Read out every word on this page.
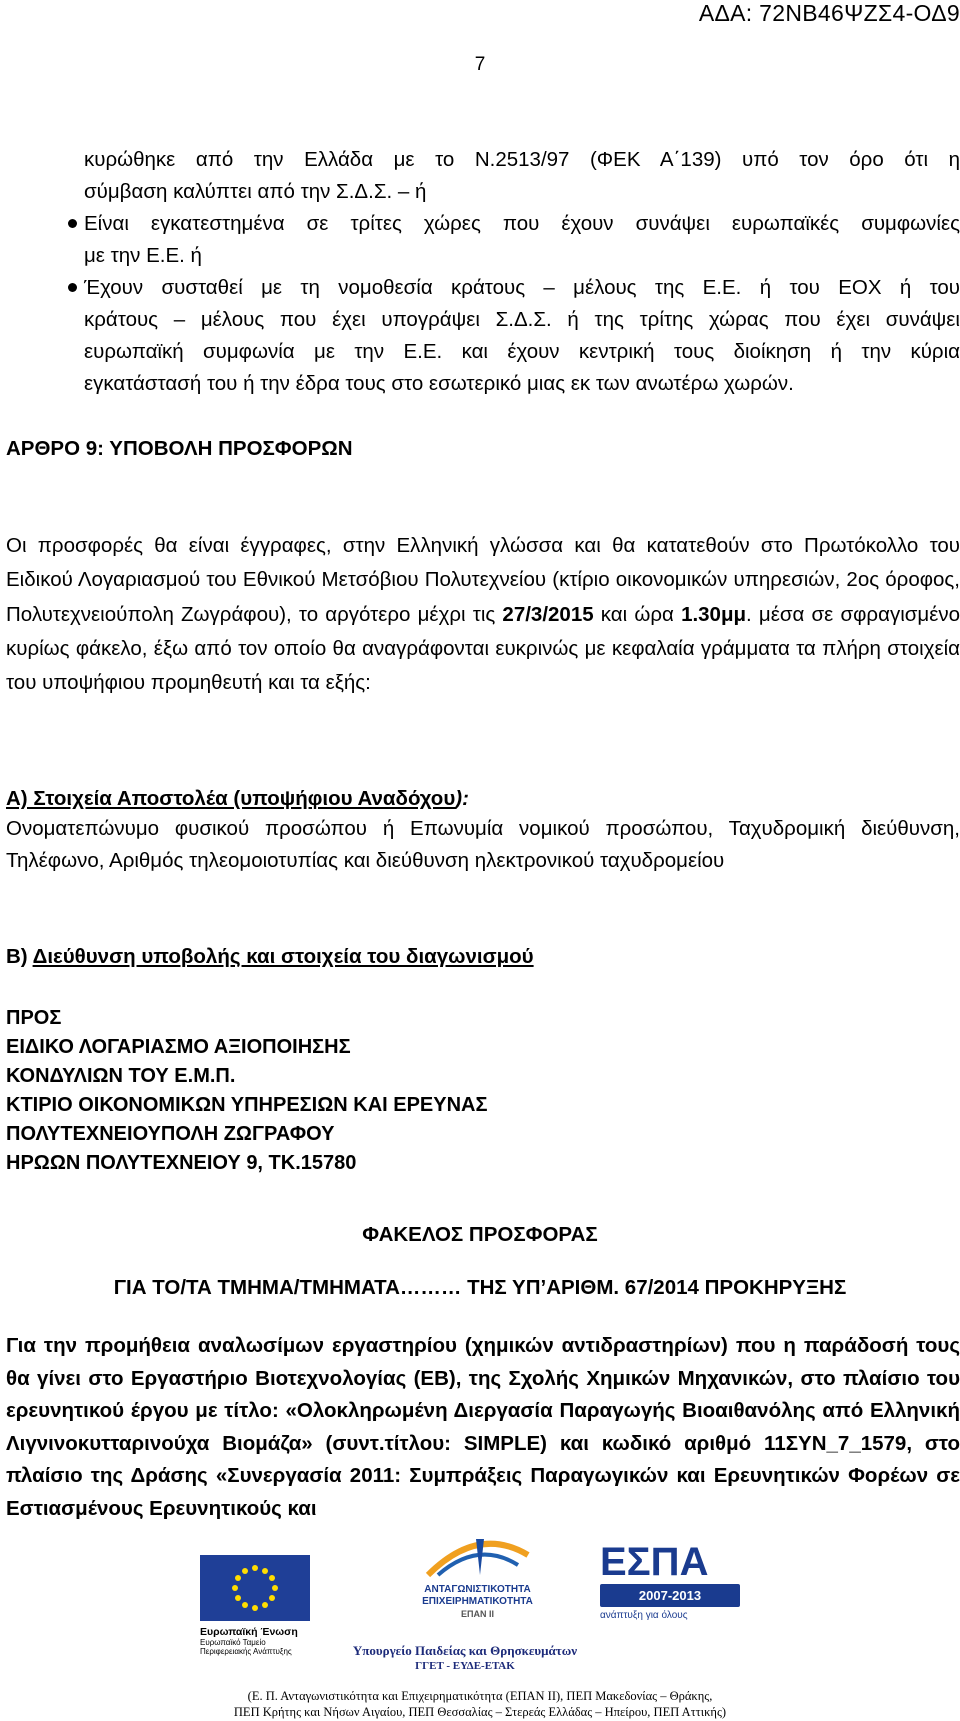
ΑΔΑ: 72ΝΒ46ΨΖΣ4-ΟΔ9
7
κυρώθηκε από την Ελλάδα με το Ν.2513/97 (ΦΕΚ Α΄139) υπό τον όρο ότι η
σύμβαση καλύπτει από την Σ.Δ.Σ. – ή
Είναι εγκατεστημένα σε τρίτες χώρες που έχουν συνάψει ευρωπαϊκές συμφωνίες
με την Ε.Ε. ή
Έχουν συσταθεί με τη νομοθεσία κράτους – μέλους της Ε.Ε. ή του ΕΟΧ ή του
κράτους – μέλους που έχει υπογράψει Σ.Δ.Σ. ή της τρίτης χώρας που έχει συνάψει
ευρωπαϊκή συμφωνία με την Ε.Ε. και έχουν κεντρική τους διοίκηση ή την κύρια
εγκατάστασή του ή την έδρα τους στο εσωτερικό μιας εκ των ανωτέρω χωρών.
ΑΡΘΡΟ 9: ΥΠΟΒΟΛΗ ΠΡΟΣΦΟΡΩΝ
Οι προσφορές θα είναι έγγραφες, στην Ελληνική γλώσσα και θα κατατεθούν στο Πρωτόκολλο του Ειδικού Λογαριασμού του Εθνικού Μετσόβιου Πολυτεχνείου (κτίριο οικονομικών υπηρεσιών, 2ος όροφος, Πολυτεχνειούπολη Ζωγράφου), το αργότερο μέχρι τις 27/3/2015 και ώρα 1.30μμ. μέσα σε σφραγισμένο κυρίως φάκελο, έξω από τον οποίο θα αναγράφονται ευκρινώς με κεφαλαία γράμματα τα πλήρη στοιχεία του υποψήφιου προμηθευτή και τα εξής:
Α) Στοιχεία Αποστολέα (υποψήφιου Αναδόχου):
Ονοματεπώνυμο φυσικού προσώπου ή Επωνυμία νομικού προσώπου, Ταχυδρομική διεύθυνση, Τηλέφωνο, Αριθμός τηλεομοιοτυπίας και διεύθυνση ηλεκτρονικού ταχυδρομείου
Β) Διεύθυνση υποβολής και στοιχεία του διαγωνισμού
ΠΡΟΣ
ΕΙΔΙΚΟ ΛΟΓΑΡΙΑΣΜΟ ΑΞΙΟΠΟΙΗΣΗΣ
ΚΟΝΔΥΛΙΩΝ ΤΟΥ Ε.Μ.Π.
ΚΤΙΡΙΟ ΟΙΚΟΝΟΜΙΚΩΝ ΥΠΗΡΕΣΙΩΝ ΚΑΙ ΕΡΕΥΝΑΣ
ΠΟΛΥΤΕΧΝΕΙΟΥΠΟΛΗ ΖΩΓΡΑΦΟΥ
ΗΡΩΩΝ ΠΟΛΥΤΕΧΝΕΙΟΥ 9, ΤΚ.15780
ΦΑΚΕΛΟΣ ΠΡΟΣΦΟΡΑΣ
ΓΙΑ ΤΟ/ΤΑ ΤΜΗΜΑ/ΤΜΗΜΑΤΑ……… ΤΗΣ ΥΠ’ΑΡΙΘΜ. 67/2014 ΠΡΟΚΗΡΥΞΗΣ
Για την προμήθεια αναλωσίμων εργαστηρίου (χημικών αντιδραστηρίων) που η παράδοσή τους θα γίνει στο Εργαστήριο Βιοτεχνολογίας (ΕΒ), της Σχολής Χημικών Μηχανικών, στο πλαίσιο του ερευνητικού έργου με τίτλο: «Ολοκληρωμένη Διεργασία Παραγωγής Βιοαιθανόλης από Ελληνική Λιγνινοκυτταρινούχα Βιομάζα» (συντ.τίτλου: SIMPLE) και κωδικό αριθμό 11ΣΥΝ_7_1579, στο πλαίσιο της Δράσης «Συνεργασία 2011: Συμπράξεις Παραγωγικών και Ερευνητικών Φορέων σε Εστιασμένους Ερευνητικούς και
Ευρωπαϊκή Ένωση
Ευρωπαϊκό Ταμείο
Περιφερειακής Ανάπτυξης
ΑΝΤΑΓΩΝΙΣΤΙΚΟΤΗΤΑ
ΕΠΙΧΕΙΡΗΜΑΤΙΚΟΤΗΤΑ
ΕΠΑΝ ΙΙ
ΕΣΠΑ
2007-2013
ανάπτυξη για όλους
Υπουργείο Παιδείας και Θρησκευμάτων
ΓΓΕΤ - ΕΥΔΕ-ΕΤΑΚ
(Ε. Π. Ανταγωνιστικότητα και Επιχειρηματικότητα (ΕΠΑΝ ΙΙ), ΠΕΠ Μακεδονίας – Θράκης,
ΠΕΠ Κρήτης και Νήσων Αιγαίου, ΠΕΠ Θεσσαλίας – Στερεάς Ελλάδας – Ηπείρου, ΠΕΠ Αττικής)
